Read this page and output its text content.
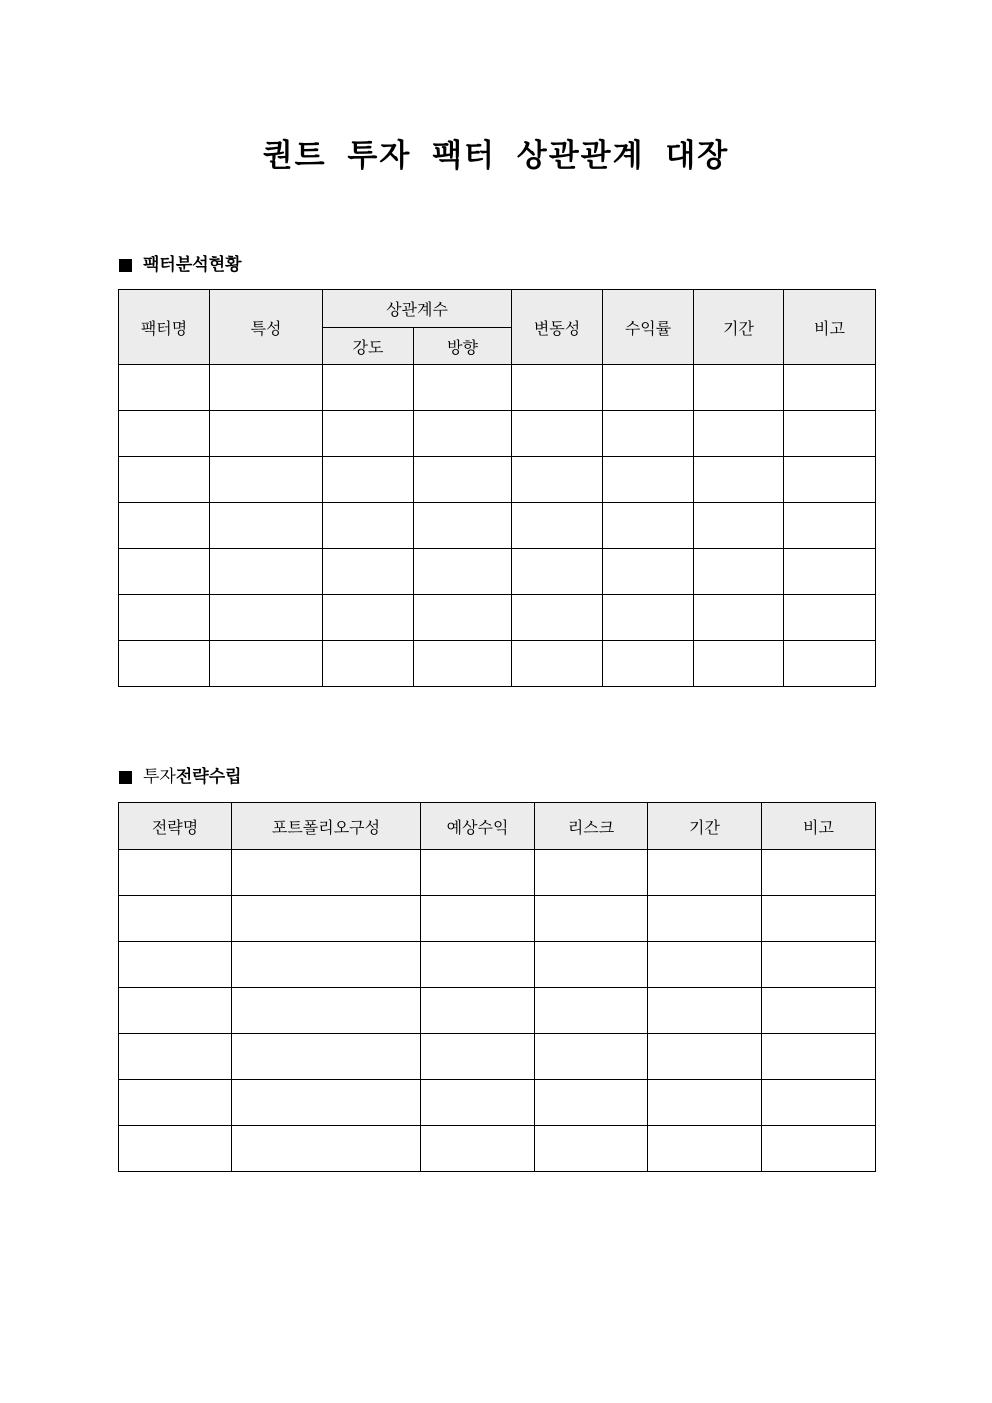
퀀트 투자 팩터 상관관계 대장
팩터분석현황
팩터명	특성	상관계수		변동성	수익률	기간	비고
		강도	방향				

투자 전략수립
전략명	포트폴리오구성	예상수익	리스크	기간	비고
